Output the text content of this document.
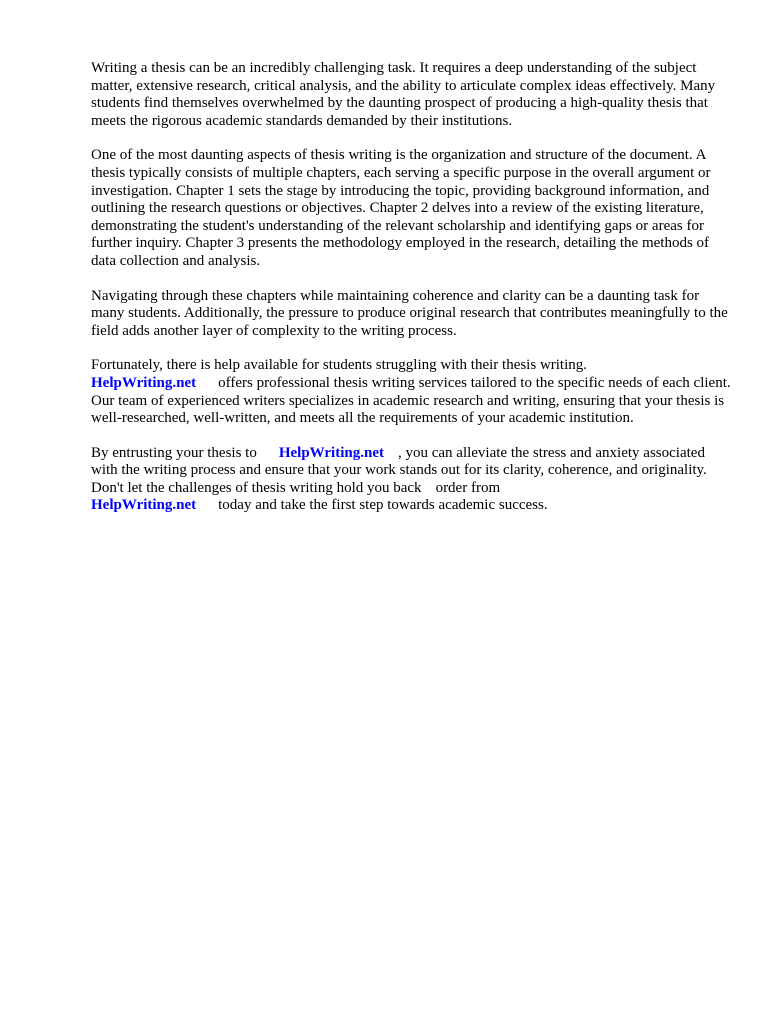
Writing a thesis can be an incredibly challenging task. It requires a deep understanding of the subject matter, extensive research, critical analysis, and the ability to articulate complex ideas effectively. Many students find themselves overwhelmed by the daunting prospect of producing a high-quality thesis that meets the rigorous academic standards demanded by their institutions.

One of the most daunting aspects of thesis writing is the organization and structure of the document. A thesis typically consists of multiple chapters, each serving a specific purpose in the overall argument or investigation. Chapter 1 sets the stage by introducing the topic, providing background information, and outlining the research questions or objectives. Chapter 2 delves into a review of the existing literature, demonstrating the student's understanding of the relevant scholarship and identifying gaps or areas for further inquiry. Chapter 3 presents the methodology employed in the research, detailing the methods of data collection and analysis.

Navigating through these chapters while maintaining coherence and clarity can be a daunting task for many students. Additionally, the pressure to produce original research that contributes meaningfully to the field adds another layer of complexity to the writing process.

Fortunately, there is help available for students struggling with their thesis writing.
HelpWriting.net offers professional thesis writing services tailored to the specific needs of each client. Our team of experienced writers specializes in academic research and writing, ensuring that your thesis is well-researched, well-written, and meets all the requirements of your academic institution.

By entrusting your thesis to HelpWriting.net , you can alleviate the stress and anxiety associated with the writing process and ensure that your work stands out for its clarity, coherence, and originality. Don't let the challenges of thesis writing hold you back order from
HelpWriting.net today and take the first step towards academic success.
